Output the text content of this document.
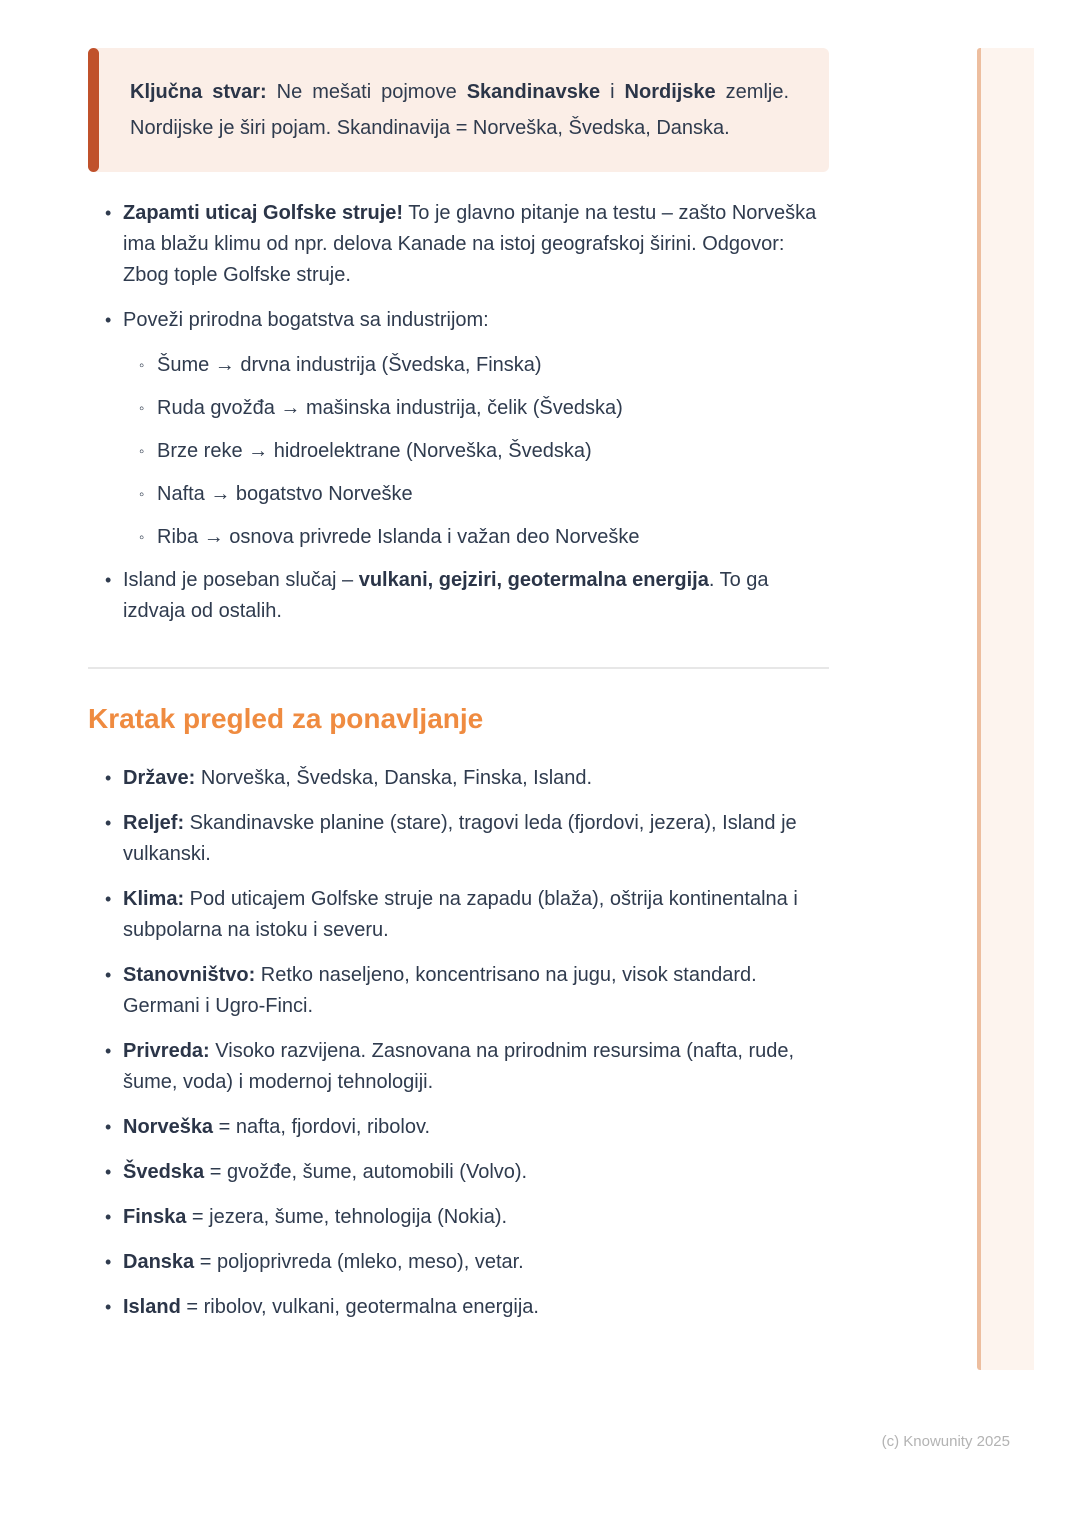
Ključna stvar: Ne mešati pojmove Skandinavske i Nordijske zemlje. Nordijske je širi pojam. Skandinavija = Norveška, Švedska, Danska.
• Zapamti uticaj Golfske struje! To je glavno pitanje na testu – zašto Norveška ima blažu klimu od npr. delova Kanade na istoj geografskoj širini. Odgovor: Zbog tople Golfske struje.

• Poveži prirodna bogatstva sa industrijom:

◦ Šume → drvna industrija (Švedska, Finska)

◦ Ruda gvožđa → mašinska industrija, čelik (Švedska)

◦ Brze reke → hidroelektrane (Norveška, Švedska)

◦ Nafta → bogatstvo Norveške

◦ Riba → osnova privrede Islanda i važan deo Norveške

• Island je poseban slučaj – vulkani, gejziri, geotermalna energija. To ga izdvaja od ostalih.

Kratak pregled za ponavljanje
• Države: Norveška, Švedska, Danska, Finska, Island.

• Reljef: Skandinavske planine (stare), tragovi leda (fjordovi, jezera), Island je vulkanski.

• Klima: Pod uticajem Golfske struje na zapadu (blaža), oštrija kontinentalna i subpolarna na istoku i severu.

• Stanovništvo: Retko naseljeno, koncentrisano na jugu, visok standard. Germani i Ugro-Finci.

• Privreda: Visoko razvijena. Zasnovana na prirodnim resursima (nafta, rude, šume, voda) i modernoj tehnologiji.

• Norveška = nafta, fjordovi, ribolov.

• Švedska = gvožđe, šume, automobili (Volvo).

• Finska = jezera, šume, tehnologija (Nokia).

• Danska = poljoprivreda (mleko, meso), vetar.

• Island = ribolov, vulkani, geotermalna energija.

(c) Knowunity 2025
